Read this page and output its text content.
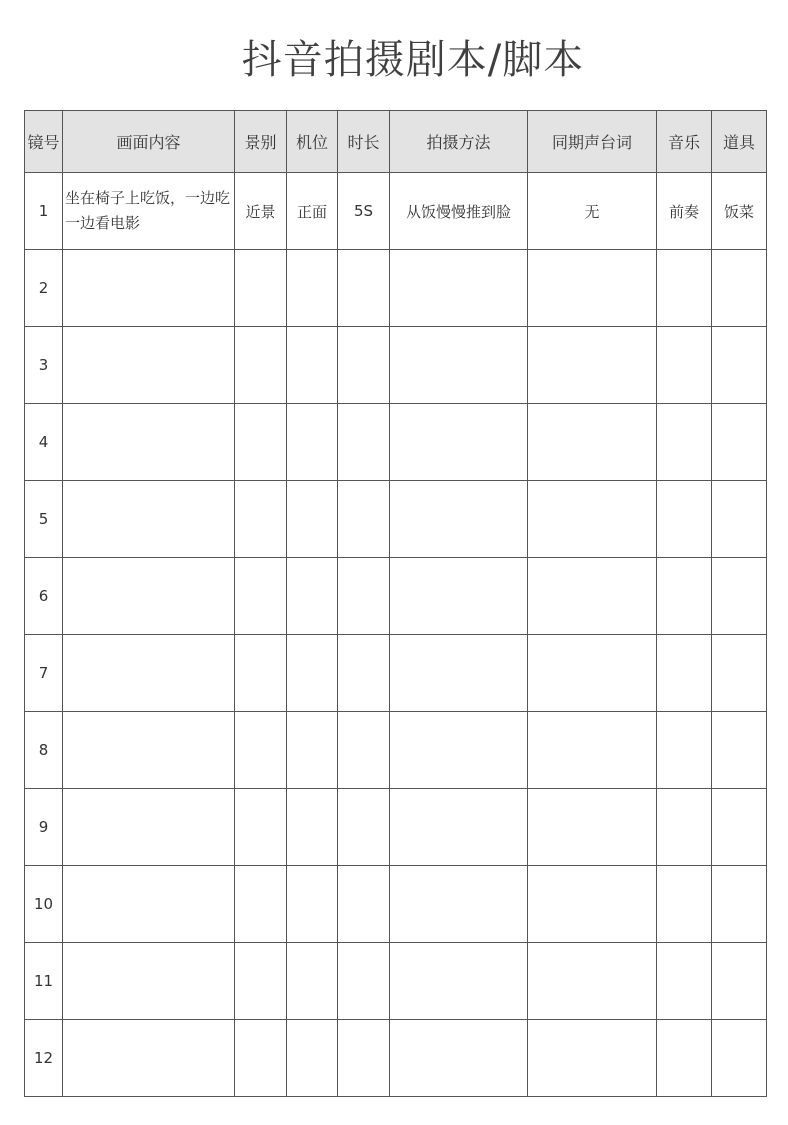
抖音拍摄剧本/脚本
镜号	画面内容	景别	机位	时长	拍摄方法	同期声台词	音乐	道具
1	坐在椅子上吃饭，一边吃一边看电影	近景	正面	5S	从饭慢慢推到脸	无	前奏	饭菜
2								
3								
4								
5								
6								
7								
8								
9								
10								
11								
12								
